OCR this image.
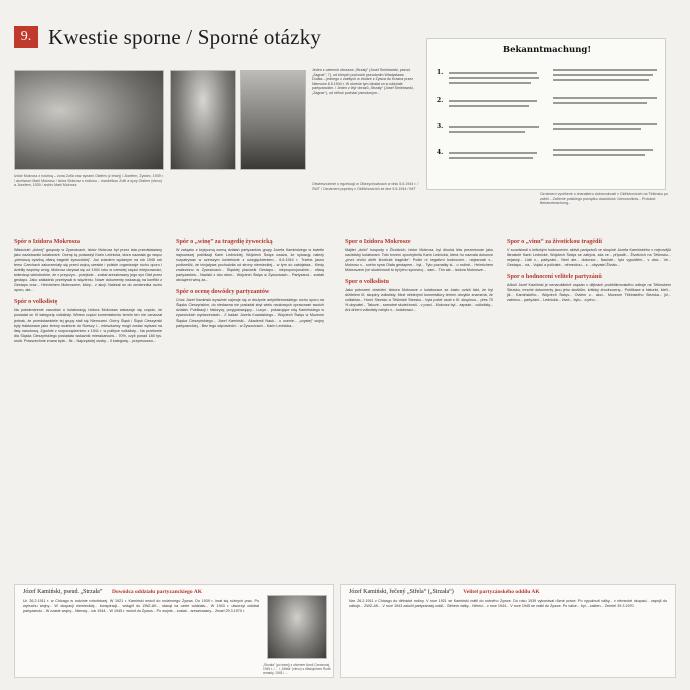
9. Kwestie sporne / Sporné otázky
Izidor Mokrosz z rodziną – żona Zofia oraz synami Olafem (z lewej) i Józefem, Żywiec, 1939 r. / archiwum Marii Mokrosz / Izidor Mokrosz s rodinou – manželkou Zofií a syny Olafem (vlevo) a Józefem, 1939 / archiv Marii Mokrosz
Jeden z czterech obrazów „Strzały” (Josef Śmiełowski, pseud. „Żagnar”, 7), od których pochodzi pseudonim Władysława Dudka – jednego z zabitych w drodze z Żywca do Kraśna przez Niemców 6.5.1944 r. W okresie tym działał on w oddziale partyzanckim. / Jeden z čtyř obrazů „Strzały“ (Josef Śmiełowski, „Żagnar“), od něhož pochází pseudonym...
Obwieszczenie o egzekucji w Oldrzychowicach w dniu 5.6.1944 r. / SWT / Oznámení poprávy v Oldřichovicích ze dne 5.6.1944 / IMT
Bekanntmachung!
1.
2.
3.
4.
Oznámení vyvěšené o charakteru dobrovolnosti v Oldřichovicích na Těšínsku po zabití... Zatřenie polskiego porządku dowódców i kierowników... Protokol: Bekanntmachung...
Spór o Izidora Mokrosza
Właściciel „dolnej” gospody w Żywocicach, Izidor Mokrosz był przez lata przedstawiany jako nazistowski kolaborant. Ocenę tę podważył Karin Lednická, która nazwała go wręcz „pierwszą cywilną ofiarą tragedii żywocickiej”. Już zdaniem wydanym na rok 1946 rok temu Czechach zakorzeniały się przed wojną czeskie i polskie organizacje ruchu oporu i dzieliły wspólny wróg. Mokrosz ukrywał się od 1944 roku w czeskiej części miejscowości, twierdząc wielokrotnie, że z przyczyn... przejście... został aresztowany jego syn Olaf przez gestapo. Jako zakładnik przebywał w więzieniu. Nowe dokumenty wskazują na konflikt z Gestapo oraz... Heinrichem Mokroszem, który... z akcji. Należał on do zwolennika ruchu oporu, ale...
Spór o volkslistę
Na potwierdzenie zarzutów o kolaborację Izidora Mokrosza wskazuje się często, że posiadał on III kategorię volkslisty. Wbrew części komentatorów termin ten nie oznaczał jednak, że przedstawiciele tej grupy stali się Niemcami. Górny Śląsk i Śląsk Cieszyński były traktowane jako tereny wcielone do Rzeszy i... mieszkańcy mogli zostać wpisani na listę narodową. Zgodnie z rozporządzeniem z 1941 r. w polityce volkslisty... Na przełomie dla Śląska Cieszyńskiego posiadała wskaźnik mieszkańców... 70%, czyli ponad 180 tys. osób. Powszechnie znana była... Nr... Najczęściej osoby... II kategorię... przymusowo...
Spór o „winę” za tragedię żywocicką
W związku z krytyczną oceną działań partyzantów grupy Józefa Kamińskiego w świetle najnowszej publikacji Karin Lednickiej, Wojciech Święs uważa, że sytuację należy rozpatrywać w szerszym kontekście z uwzględnieniem... 6.6.1944 r. Trzeba jasno podkreślić, że inicjatywa pochodziła od strony niemieckiej... w tym do zabójstwa... Kiedy znaleziono w Żywocicach... Śląskiej placówki Gestapo... nieproporcjonalnie... ofiarą partyzantów... Naciski z obu stron... Wojciech Święs w Żywocicach... Partyzanci... zostali obciążeni winą za...
Spór o ocenę dowódcy partyzantów
Choć Józef Kamiński wyraźnie zajmuje się w drużynie antyhitlerowskiego ruchu oporu na Śląsku Cieszyńskim, do niedawna nie posiadał zbyt wielu naukowych opracowań swoich działań. Publikacji i historycy, przygotowujący... Lucyn... pokazujące rolę Kamińskiego w żywocickich wydarzeniach... Z badań Józefa Kowalskiego... Wojciech Święs w Muzeum Śląska Cieszyńskiego... Józef Kamiński... Akademii Nauk... o ocenie... „czystej” wojny partyzanckiej... Bez tego odpowiedzi... w Żywocicach... Karin Lednicka...
Spor o Izidora Mokrosze
Majitel „dolní” hospody v Životicích, Izidor Mokrosz, byl dlouhá léta prezentován jako nacistický kolaborant. Toto tvrzení zpochybnila Karin Lednická, která ho nazvala dokonce „první civilní obětí životické tragédie“. Podle ní negativní hodnocení... nejasnosti v... Mokrosz v... svého syna Olafa gestapem... byl... Tyto poznatky si... o rodině... Heinrichem Mokroszem (ve skutečnosti to byl jeho synovec)... sám... Tím ale... Izidora Mokrosze...
Spor o volkslistu
Jako potvrzení obvinění Izidora Mokrosze z kolaborace se často uvádí fakt, že byl držitelem III. skupiny volkslisty. Mezi některými komentátory termín obvykle znamená, že volkslistu... Horní Slezsko a Těšínské Slezsko... byla počet osob s III. skupinou... přes 70 % obyvatel... Takové... samotné skutečnosti... v praxi... Mokrosz byl... zapsán... volkslisty... Ani držení volkslisty nebylo v... kolaborací...
Spor o „vinu“ za životickou tragédii
V souvislosti s kritickým hodnocením aktivit partyzánů ve skupině Józefa Kamińského v nejnovější literatuře Karin Lednické, Wojciech Święs se zabývá, zda ve... případě... Životicích na Těšínsku... nejasný... Lidé v... partyzáni... Není ale... dokonce... Nacisté... tyto vypuštění... v obci... Ve... Gestapo... na... Vojáci a policisté... německou... z... obyvatel Životic...
Spor o hodnocení velitele partyzánů
Ačkoli Józef Kamiński je nenarušitelně zapsán v dějinách protihitlerovského odboje na Těšínském Slezsku, mnohé dokumenty jsou jeho skutkům, kritický zhodnoceny... Publikace a historici, kteří... již... Kamińského... Wojciech Święs... Ovšem v... akci... Muzeum Těšínského Slezska... již... zatímco... partyzáni... Lednická... život... bylo... a jeho...
Józef Kamiński, pseud. „Strzała” Dowódca oddziału partyzanckiego AK
Ur. 26.2.1911 r. w Chicago w rodzinie robotniczej. W 1921 r. Kamiński wrócił do rodzinnego Żywca. Do 1939 r. imał się różnych prac. Po wybuchu wojny... W okupacji niemieckiej... konspiracji... wstąpił do ZWZ-AK... stanął na czele oddziału... W 1943 r. utworzył oddział partyzancki... W czasie wojny... Niemcy... rok 1944... W 1945 r. wrócił do Żywca... Po wojnie... został... aresztowany... Zmarł 29.3.1970 r.
„Strzała” (po lewej) z oficerem Armii Czerwonej, 1945 r. / ... / „Střela“ (vlevo) s důstojníkem Rudé armády, 1945 / ...
Józef Kamiński, řečený „Střela“ („Strzała“) Velitel partyzánského oddílu AK
Nar. 26.2.1911 v Chicagu do dělnické rodiny. V roce 1921 se Kamiński vrátil do rodného Żywce. Do roku 1939 vykonával různé práce. Po vypuknutí války... v německé okupaci... zapojil do odboje... ZWZ-AK... V roce 1943 založil partyzánský oddíl... Během války... Němci... v roce 1944... V roce 1945 se vrátil do Żywce. Po válce... byl... zatčen... Zemřel 29.3.1970.
